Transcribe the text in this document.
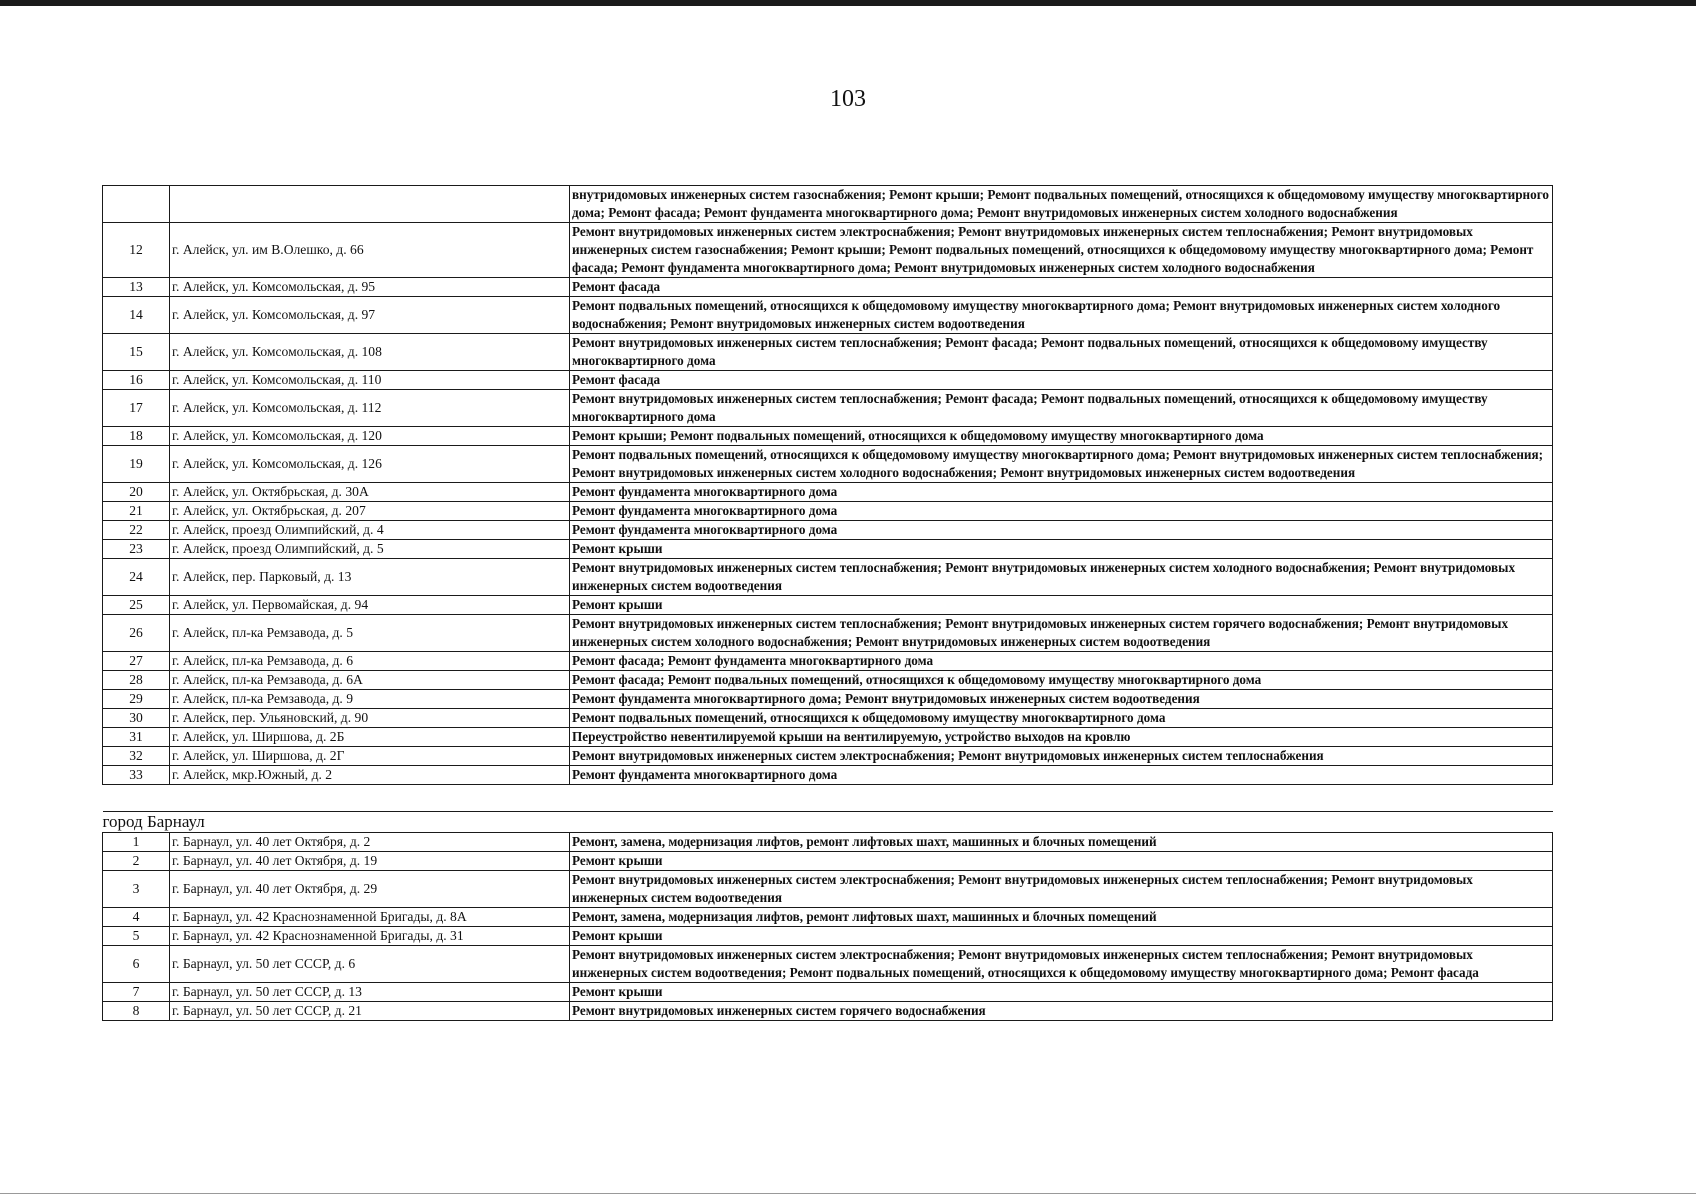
103
		внутридомовых инженерных систем газоснабжения; Ремонт крыши; Ремонт подвальных помещений, относящихся к общедомовому имуществу многоквартирного дома; Ремонт фасада; Ремонт фундамента многоквартирного дома; Ремонт внутридомовых инженерных систем холодного водоснабжения
12	г. Алейск, ул. им В.Олешко, д. 66	Ремонт внутридомовых инженерных систем электроснабжения; Ремонт внутридомовых инженерных систем теплоснабжения; Ремонт внутридомовых инженерных систем газоснабжения; Ремонт крыши; Ремонт подвальных помещений, относящихся к общедомовому имуществу многоквартирного дома; Ремонт фасада; Ремонт фундамента многоквартирного дома; Ремонт внутридомовых инженерных систем холодного водоснабжения
13	г. Алейск, ул. Комсомольская, д. 95	Ремонт фасада
14	г. Алейск, ул. Комсомольская, д. 97	Ремонт подвальных помещений, относящихся к общедомовому имуществу многоквартирного дома; Ремонт внутридомовых инженерных систем холодного водоснабжения; Ремонт внутридомовых инженерных систем водоотведения
15	г. Алейск, ул. Комсомольская, д. 108	Ремонт внутридомовых инженерных систем теплоснабжения; Ремонт фасада; Ремонт подвальных помещений, относящихся к общедомовому имуществу многоквартирного дома
16	г. Алейск, ул. Комсомольская, д. 110	Ремонт фасада
17	г. Алейск, ул. Комсомольская, д. 112	Ремонт внутридомовых инженерных систем теплоснабжения; Ремонт фасада; Ремонт подвальных помещений, относящихся к общедомовому имуществу многоквартирного дома
18	г. Алейск, ул. Комсомольская, д. 120	Ремонт крыши; Ремонт подвальных помещений, относящихся к общедомовому имуществу многоквартирного дома
19	г. Алейск, ул. Комсомольская, д. 126	Ремонт подвальных помещений, относящихся к общедомовому имуществу многоквартирного дома; Ремонт внутридомовых инженерных систем теплоснабжения; Ремонт внутридомовых инженерных систем холодного водоснабжения; Ремонт внутридомовых инженерных систем водоотведения
20	г. Алейск, ул. Октябрьская, д. 30А	Ремонт фундамента многоквартирного дома
21	г. Алейск, ул. Октябрьская, д. 207	Ремонт фундамента многоквартирного дома
22	г. Алейск, проезд Олимпийский, д. 4	Ремонт фундамента многоквартирного дома
23	г. Алейск, проезд Олимпийский, д. 5	Ремонт крыши
24	г. Алейск, пер. Парковый, д. 13	Ремонт внутридомовых инженерных систем теплоснабжения; Ремонт внутридомовых инженерных систем холодного водоснабжения; Ремонт внутридомовых инженерных систем водоотведения
25	г. Алейск, ул. Первомайская, д. 94	Ремонт крыши
26	г. Алейск, пл-ка Ремзавода, д. 5	Ремонт внутридомовых инженерных систем теплоснабжения; Ремонт внутридомовых инженерных систем горячего водоснабжения; Ремонт внутридомовых инженерных систем холодного водоснабжения; Ремонт внутридомовых инженерных систем водоотведения
27	г. Алейск, пл-ка Ремзавода, д. 6	Ремонт фасада; Ремонт фундамента многоквартирного дома
28	г. Алейск, пл-ка Ремзавода, д. 6А	Ремонт фасада; Ремонт подвальных помещений, относящихся к общедомовому имуществу многоквартирного дома
29	г. Алейск, пл-ка Ремзавода, д. 9	Ремонт фундамента многоквартирного дома; Ремонт внутридомовых инженерных систем водоотведения
30	г. Алейск, пер. Ульяновский, д. 90	Ремонт подвальных помещений, относящихся к общедомовому имуществу многоквартирного дома
31	г. Алейск, ул. Ширшова, д. 2Б	Переустройство невентилируемой крыши на вентилируемую, устройство выходов на кровлю
32	г. Алейск, ул. Ширшова, д. 2Г	Ремонт внутридомовых инженерных систем электроснабжения; Ремонт внутридомовых инженерных систем теплоснабжения
33	г. Алейск, мкр.Южный, д. 2	Ремонт фундамента многоквартирного дома

город Барнаул		
1	г. Барнаул, ул. 40 лет Октября, д. 2	Ремонт, замена, модернизация лифтов, ремонт лифтовых шахт, машинных и блочных помещений
2	г. Барнаул, ул. 40 лет Октября, д. 19	Ремонт крыши
3	г. Барнаул, ул. 40 лет Октября, д. 29	Ремонт внутридомовых инженерных систем электроснабжения; Ремонт внутридомовых инженерных систем теплоснабжения; Ремонт внутридомовых инженерных систем водоотведения
4	г. Барнаул, ул. 42 Краснознаменной Бригады, д. 8А	Ремонт, замена, модернизация лифтов, ремонт лифтовых шахт, машинных и блочных помещений
5	г. Барнаул, ул. 42 Краснознаменной Бригады, д. 31	Ремонт крыши
6	г. Барнаул, ул. 50 лет СССР, д. 6	Ремонт внутридомовых инженерных систем электроснабжения; Ремонт внутридомовых инженерных систем теплоснабжения; Ремонт внутридомовых инженерных систем водоотведения; Ремонт подвальных помещений, относящихся к общедомовому имуществу многоквартирного дома; Ремонт фасада
7	г. Барнаул, ул. 50 лет СССР, д. 13	Ремонт крыши
8	г. Барнаул, ул. 50 лет СССР, д. 21	Ремонт внутридомовых инженерных систем горячего водоснабжения
